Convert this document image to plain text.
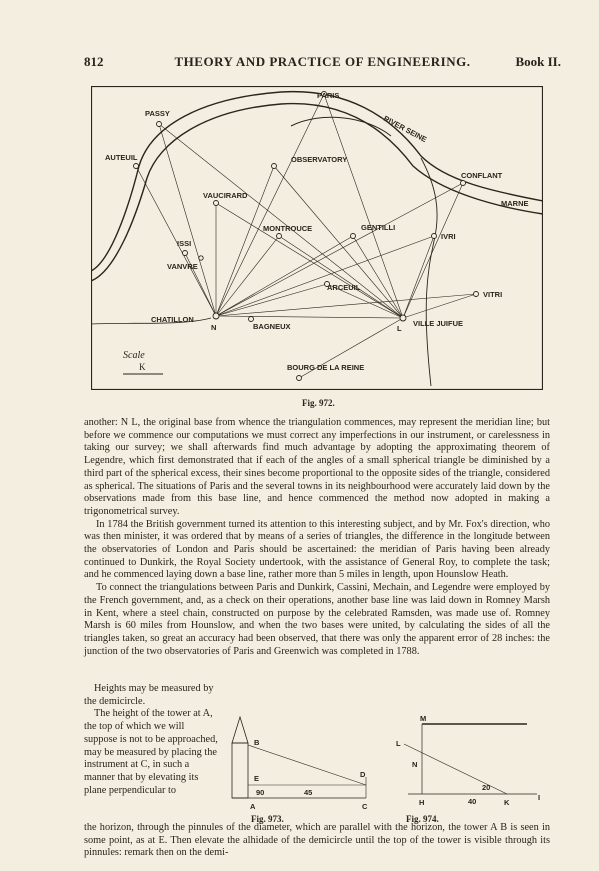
812	THEORY AND PRACTICE OF ENGINEERING.	Book II.
PARIS
PASSY
RIVER SEINE
AUTEUIL	OBSERVATORY
CONFLANT
MARNE
VAUCIRARD
MONTROUCE	GENTILLI
IVRI
ISSI
VANVRE
ARCEUIL
VITRI
CHATILLON
N	BAGNEUX	L
VILLE JUIFUE
BOURG DE LA REINE
Scale
K
Fig. 972.

another: N L, the original base from whence the triangulation commences, may represent the meridian line; but before we commence our computations we must correct any imperfections in our instrument, or carelessness in taking our survey; we shall afterwards find much advantage by adopting the approximating theorem of Legendre, which first demonstrated that if each of the angles of a small spherical triangle be diminished by a third part of the spherical excess, their sines become proportional to the opposite sides of the triangle, considered as spherical. The situations of Paris and the several towns in its neighbourhood were accurately laid down by the observations made from this base line, and hence commenced the method now adopted in making a trigonometrical survey.

In 1784 the British government turned its attention to this interesting subject, and by Mr. Fox's direction, who was then minister, it was ordered that by means of a series of triangles, the difference in the longitude between the observatories of London and Paris should be ascertained: the meridian of Paris having been already continued to Dunkirk, the Royal Society undertook, with the assistance of General Roy, to complete the task; and he commenced laying down a base line, rather more than 5 miles in length, upon Hounslow Heath.

To connect the triangulations between Paris and Dunkirk, Cassini, Mechain, and Legendre were employed by the French government, and, as a check on their operations, another base line was laid down in Romney Marsh in Kent, where a steel chain, constructed on purpose by the celebrated Ramsden, was made use of. Romney Marsh is 60 miles from Hounslow, and when the two bases were united, by calculating the sides of all the triangles taken, so great an accuracy had been observed, that there was only the apparent error of 28 inches: the junction of the two observatories of Paris and Greenwich was completed in 1788.

Heights may be measured by the demicircle.

The height of the tower at A, the top of which we will suppose is not to be approached, may be measured by placing the instrument at C, in such a manner that by elevating its plane perpendicular to

B
E	D
A	C
90	45
Fig. 973.
M
L
N
H	K
I
20
40
Fig. 974.

the horizon, through the pinnules of the diameter, which are parallel with the horizon, the tower A B is seen in some point, as at E. Then elevate the alhidade of the demicircle until the top of the tower is visible through its pinnules: remark then on the demi-
